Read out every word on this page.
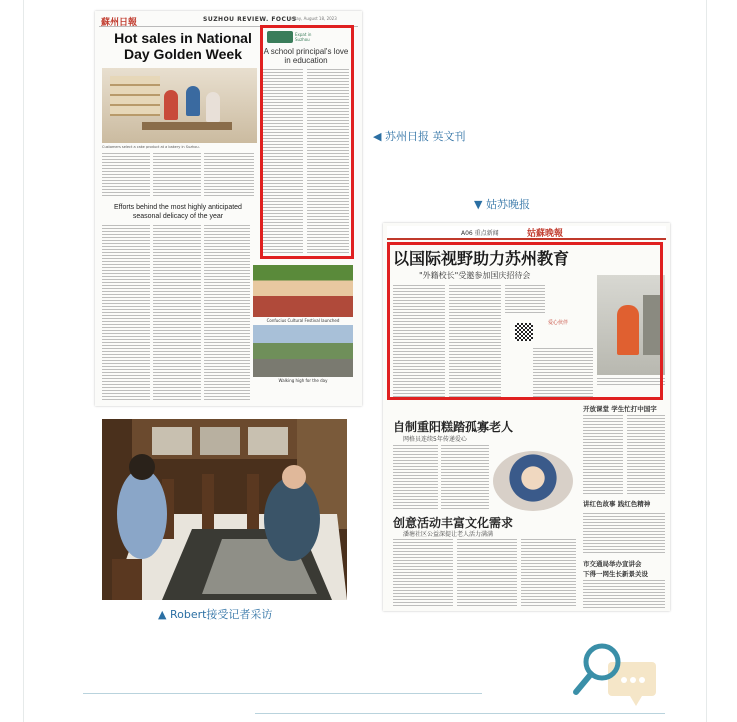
蘇州日報	SUZHOU REVIEW. FOCUS
Friday, August 18, 2023
Hot sales in National Day Golden Week
Customers select a cake product at a bakery in Suzhou.
Efforts behind the most highly anticipated seasonal delicacy of the year
Expat in Suzhou
A school principal's love in education
Confucius Cultural Festival launched
Walking high for the day
◀ 苏州日报 英文刊
▼ 姑苏晚报
▲ Robert接受记者采访
A06 重点新闻	姑蘇晚報
以国际视野助力苏州教育
"外籍校长"受邀参加国庆招待会
爱心伙伴
自制重阳糕踏孤寡老人
网格员连续5年传递爱心
创意活动丰富文化需求
潘塘社区公益深提让老人活力满满
开放课堂 学生忙打中国字
讲红色故事 践红色精神
市交通局举办宣讲会
下得一网生长新景关设
